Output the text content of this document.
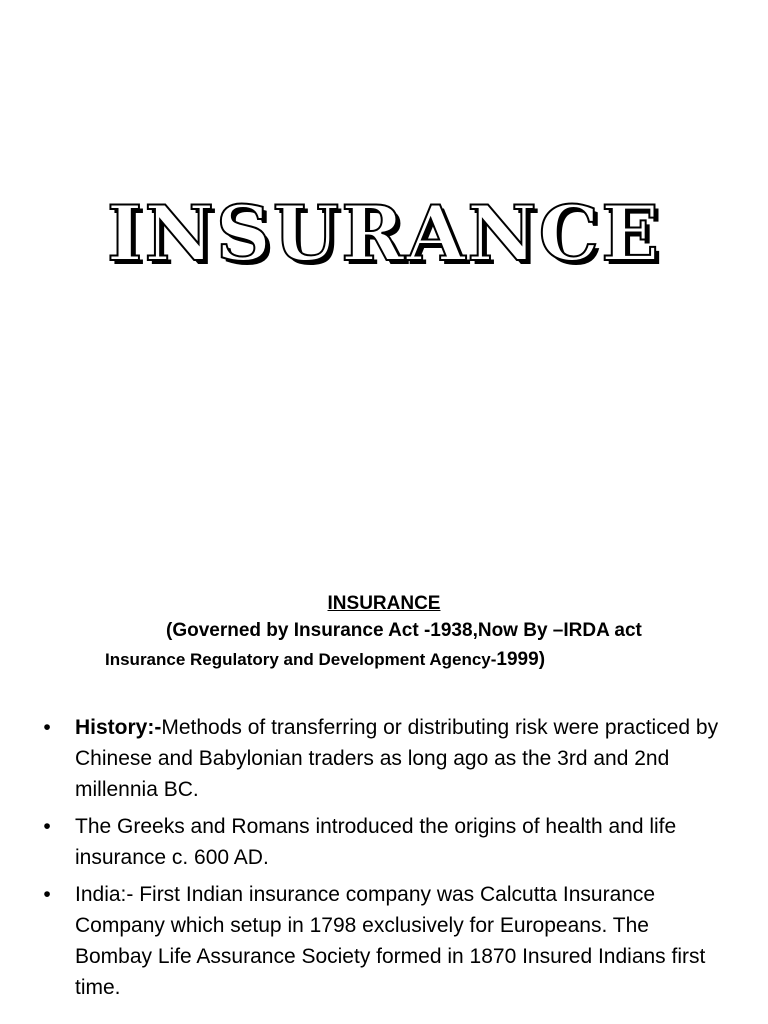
INSURANCE
INSURANCE
(Governed by Insurance Act -1938,Now By –IRDA act
Insurance Regulatory and Development Agency-1999)
• History:-Methods of transferring or distributing risk were practiced by Chinese and Babylonian traders as long ago as the 3rd and 2nd millennia BC.
• The Greeks and Romans introduced the origins of health and life insurance c. 600 AD.
• India:- First Indian insurance company was Calcutta Insurance Company which setup in 1798 exclusively for Europeans. The Bombay Life Assurance Society formed in 1870 Insured Indians first time.
